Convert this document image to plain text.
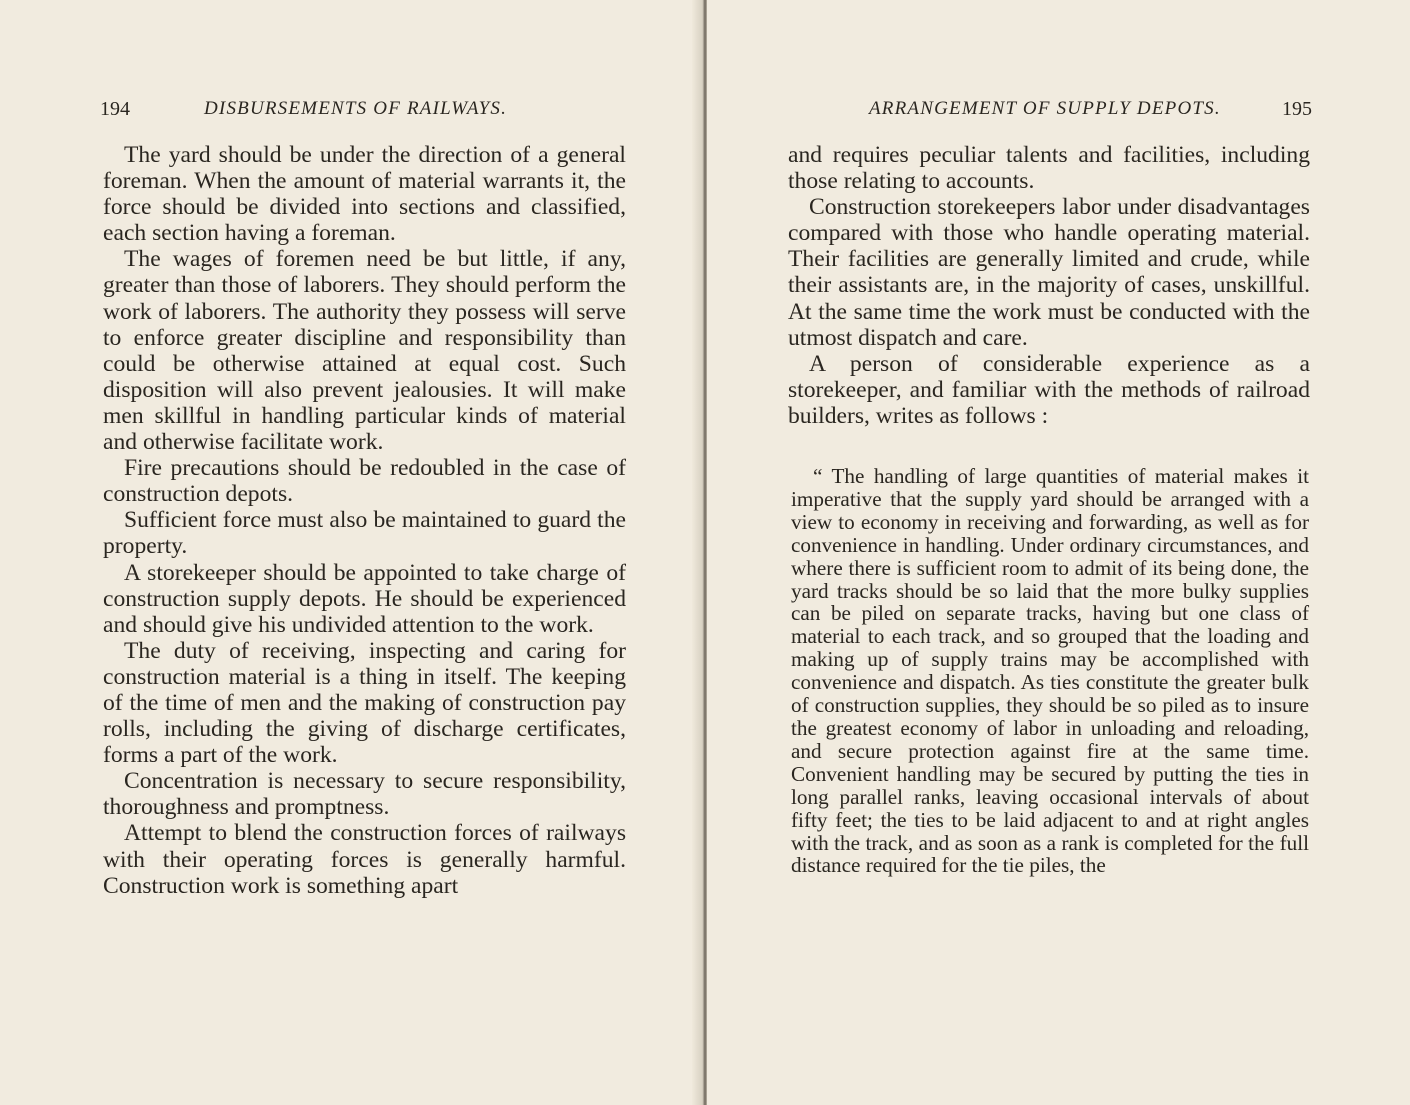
194	DISBURSEMENTS OF RAILWAYS.

The yard should be under the direction of a general foreman. When the amount of material warrants it, the force should be divided into sections and classified, each section having a foreman.

The wages of foremen need be but little, if any, greater than those of laborers. They should perform the work of laborers. The authority they possess will serve to enforce greater discipline and responsibility than could be otherwise attained at equal cost. Such disposition will also prevent jealousies. It will make men skillful in handling particular kinds of material and otherwise facilitate work.

Fire precautions should be redoubled in the case of construction depots.

Sufficient force must also be maintained to guard the property.

A storekeeper should be appointed to take charge of construction supply depots. He should be experienced and should give his undivided attention to the work.

The duty of receiving, inspecting and caring for construction material is a thing in itself. The keeping of the time of men and the making of construction pay rolls, including the giving of discharge certificates, forms a part of the work.

Concentration is necessary to secure responsibility, thoroughness and promptness.

Attempt to blend the construction forces of railways with their operating forces is generally harmful. Construction work is something apart

ARRANGEMENT OF SUPPLY DEPOTS.	195

and requires peculiar talents and facilities, including those relating to accounts.

Construction storekeepers labor under disadvantages compared with those who handle operating material. Their facilities are generally limited and crude, while their assistants are, in the majority of cases, unskillful. At the same time the work must be conducted with the utmost dispatch and care.

A person of considerable experience as a storekeeper, and familiar with the methods of railroad builders, writes as follows :

“ The handling of large quantities of material makes it imperative that the supply yard should be arranged with a view to economy in receiving and forwarding, as well as for convenience in handling. Under ordinary circumstances, and where there is sufficient room to admit of its being done, the yard tracks should be so laid that the more bulky supplies can be piled on separate tracks, having but one class of material to each track, and so grouped that the loading and making up of supply trains may be accomplished with convenience and dispatch. As ties constitute the greater bulk of construction supplies, they should be so piled as to insure the greatest economy of labor in unloading and reloading, and secure protection against fire at the same time. Convenient handling may be secured by putting the ties in long parallel ranks, leaving occasional intervals of about fifty feet; the ties to be laid adjacent to and at right angles with the track, and as soon as a rank is completed for the full distance required for the tie piles, the
